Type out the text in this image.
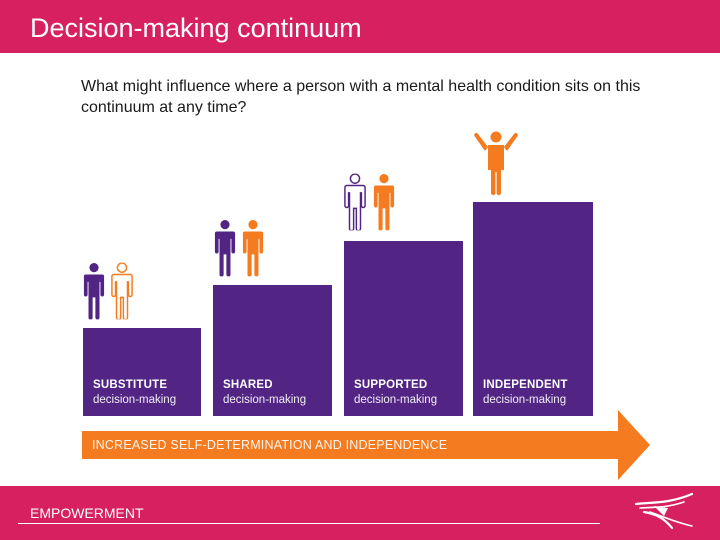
Decision-making continuum
What might influence where a person with a mental health condition sits on this continuum at any time?
SUBSTITUTE
decision-making
SHARED
decision-making
SUPPORTED
decision-making
INDEPENDENT
decision-making
INCREASED SELF-DETERMINATION AND INDEPENDENCE
EMPOWERMENT
